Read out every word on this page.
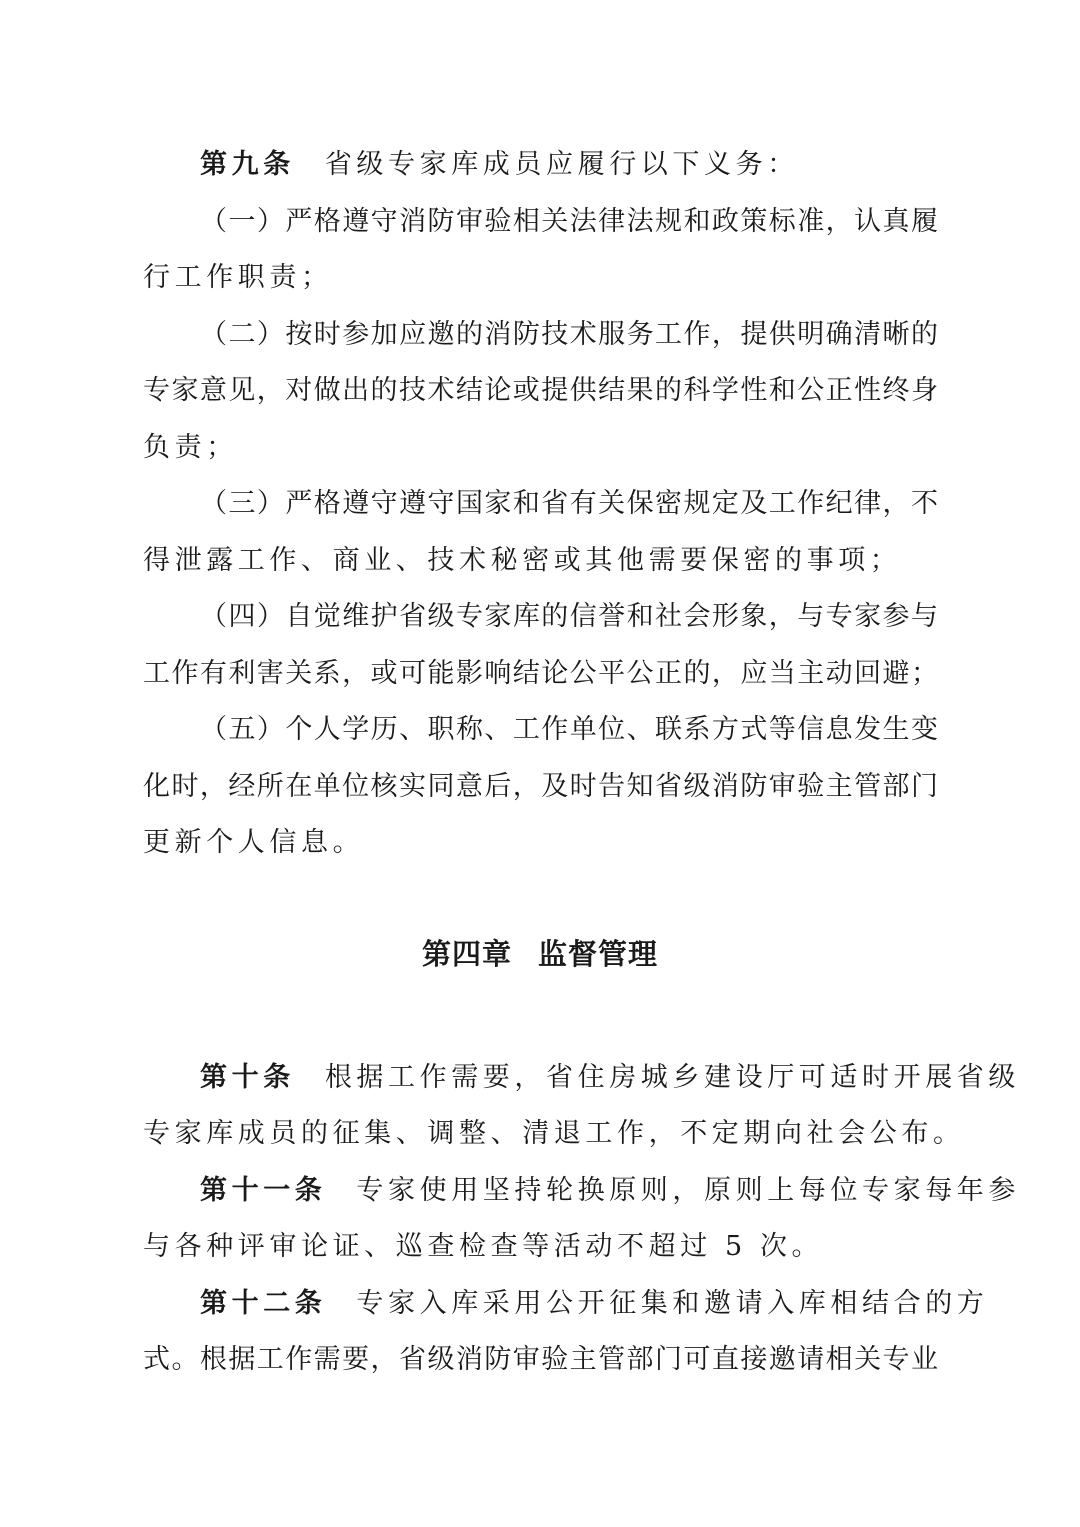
第九条 省级专家库成员应履行以下义务：
（一）严格遵守消防审验相关法律法规和政策标准，认真履
行工作职责；
（二）按时参加应邀的消防技术服务工作，提供明确清晰的
专家意见，对做出的技术结论或提供结果的科学性和公正性终身
负责；
（三）严格遵守遵守国家和省有关保密规定及工作纪律，不
得泄露工作、商业、技术秘密或其他需要保密的事项；
（四）自觉维护省级专家库的信誉和社会形象，与专家参与
工作有利害关系，或可能影响结论公平公正的，应当主动回避；
（五）个人学历、职称、工作单位、联系方式等信息发生变
化时，经所在单位核实同意后，及时告知省级消防审验主管部门
更新个人信息。
第四章 监督管理
第十条 根据工作需要，省住房城乡建设厅可适时开展省级
专家库成员的征集、调整、清退工作，不定期向社会公布。
第十一条 专家使用坚持轮换原则，原则上每位专家每年参
与各种评审论证、巡查检查等活动不超过 5 次。
第十二条 专家入库采用公开征集和邀请入库相结合的方
式。根据工作需要，省级消防审验主管部门可直接邀请相关专业
